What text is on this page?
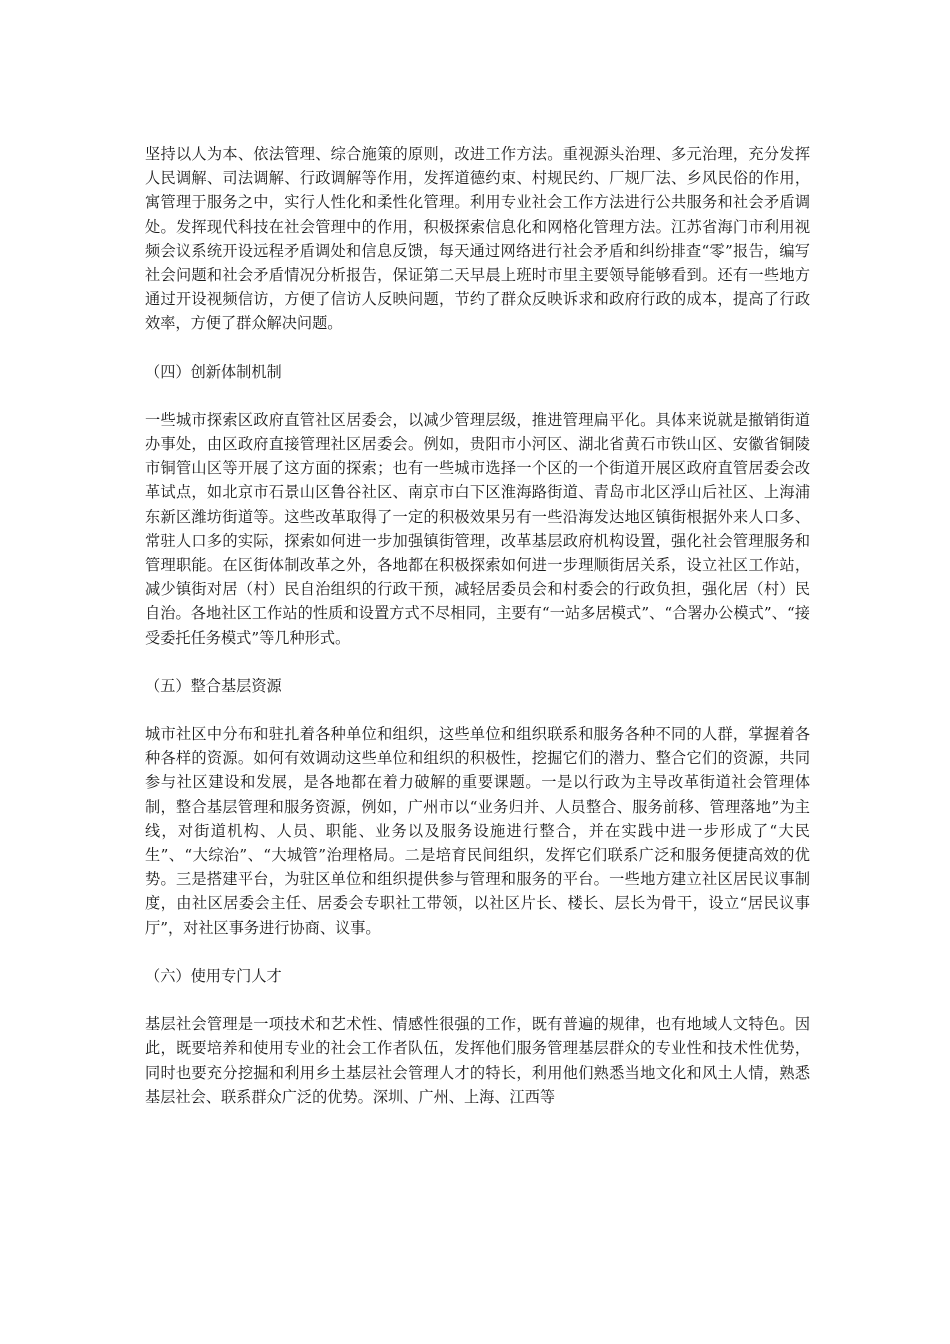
坚持以人为本、依法管理、综合施策的原则，改进工作方法。重视源头治理、多元治理，充分发挥人民调解、司法调解、行政调解等作用，发挥道德约束、村规民约、厂规厂法、乡风民俗的作用，寓管理于服务之中，实行人性化和柔性化管理。利用专业社会工作方法进行公共服务和社会矛盾调处。发挥现代科技在社会管理中的作用，积极探索信息化和网格化管理方法。江苏省海门市利用视频会议系统开设远程矛盾调处和信息反馈，每天通过网络进行社会矛盾和纠纷排查“零”报告，编写社会问题和社会矛盾情况分析报告，保证第二天早晨上班时市里主要领导能够看到。还有一些地方通过开设视频信访，方便了信访人反映问题，节约了群众反映诉求和政府行政的成本，提高了行政效率，方便了群众解决问题。

（四）创新体制机制

一些城市探索区政府直管社区居委会，以减少管理层级，推进管理扁平化。具体来说就是撤销街道办事处，由区政府直接管理社区居委会。例如，贵阳市小河区、湖北省黄石市铁山区、安徽省铜陵市铜管山区等开展了这方面的探索；也有一些城市选择一个区的一个街道开展区政府直管居委会改革试点，如北京市石景山区鲁谷社区、南京市白下区淮海路街道、青岛市北区浮山后社区、上海浦东新区潍坊街道等。这些改革取得了一定的积极效果另有一些沿海发达地区镇街根据外来人口多、常驻人口多的实际，探索如何进一步加强镇街管理，改革基层政府机构设置，强化社会管理服务和管理职能。在区街体制改革之外，各地都在积极探索如何进一步理顺街居关系，设立社区工作站，减少镇街对居（村）民自治组织的行政干预，减轻居委员会和村委会的行政负担，强化居（村）民自治。各地社区工作站的性质和设置方式不尽相同，主要有“一站多居模式”、“合署办公模式”、“接受委托任务模式”等几种形式。

（五）整合基层资源

城市社区中分布和驻扎着各种单位和组织，这些单位和组织联系和服务各种不同的人群，掌握着各种各样的资源。如何有效调动这些单位和组织的积极性，挖掘它们的潜力、整合它们的资源，共同参与社区建设和发展，是各地都在着力破解的重要课题。一是以行政为主导改革街道社会管理体制，整合基层管理和服务资源，例如，广州市以“业务归并、人员整合、服务前移、管理落地”为主线，对街道机构、人员、职能、业务以及服务设施进行整合，并在实践中进一步形成了“大民生”、“大综治”、“大城管”治理格局。二是培育民间组织，发挥它们联系广泛和服务便捷高效的优势。三是搭建平台，为驻区单位和组织提供参与管理和服务的平台。一些地方建立社区居民议事制度，由社区居委会主任、居委会专职社工带领，以社区片长、楼长、层长为骨干，设立“居民议事厅”，对社区事务进行协商、议事。

（六）使用专门人才

基层社会管理是一项技术和艺术性、情感性很强的工作，既有普遍的规律，也有地域人文特色。因此，既要培养和使用专业的社会工作者队伍，发挥他们服务管理基层群众的专业性和技术性优势，同时也要充分挖掘和利用乡土基层社会管理人才的特长，利用他们熟悉当地文化和风土人情，熟悉基层社会、联系群众广泛的优势。深圳、广州、上海、江西等
